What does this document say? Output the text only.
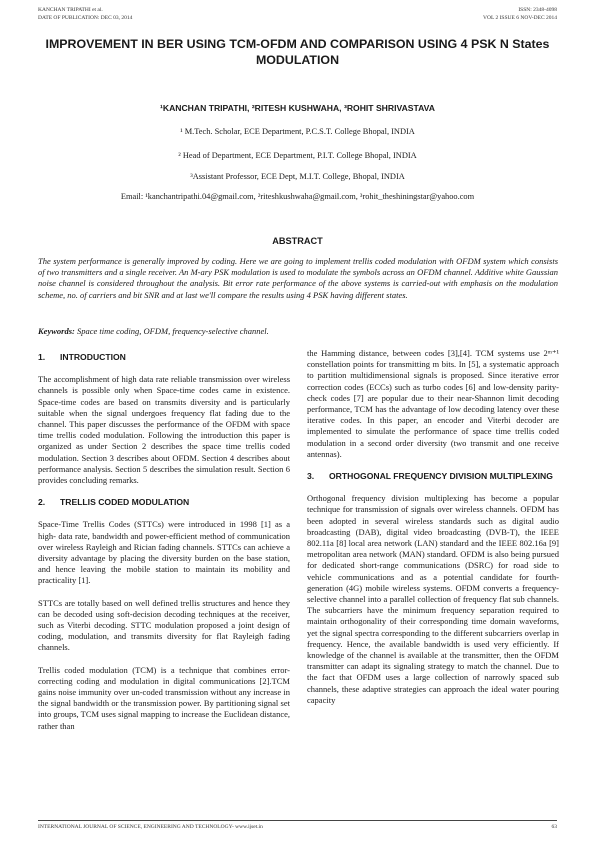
KANCHAN TRIPATHI et al.
DATE OF PUBLICATION: DEC 03, 2014
ISSN: 2348-4098
VOL 2 ISSUE 6 NOV-DEC 2014
IMPROVEMENT IN BER USING TCM-OFDM AND COMPARISON USING 4 PSK N States MODULATION
¹KANCHAN TRIPATHI, ²RITESH KUSHWAHA, ³ROHIT SHRIVASTAVA
¹ M.Tech. Scholar, ECE Department, P.C.S.T. College Bhopal, INDIA
² Head of Department, ECE Department, P.I.T. College Bhopal, INDIA
³Assistant Professor, ECE Dept, M.I.T. College, Bhopal, INDIA
Email: ¹kanchantripathi.04@gmail.com, ²riteshkushwaha@gmail.com, ³rohit_theshiningstar@yahoo.com
ABSTRACT
The system performance is generally improved by coding. Here we are going to implement trellis coded modulation with OFDM system which consists of two transmitters and a single receiver. An M-ary PSK modulation is used to modulate the symbols across an OFDM channel. Additive white Gaussian noise channel is considered throughout the analysis. Bit error rate performance of the above systems is carried-out with emphasis on the modulation scheme, no. of carriers and bit SNR and at last we'll compare the results using 4 PSK having different states.
Keywords: Space time coding, OFDM, frequency-selective channel.
1.	INTRODUCTION

The accomplishment of high data rate reliable transmission over wireless channels is possible only when Space-time codes came in existence. Space-time codes are based on transmits diversity and is particularly suitable when the signal undergoes frequency flat fading due to the channel. This paper discusses the performance of the OFDM with space time trellis coded modulation. Following the introduction this paper is organized as under Section 2 describes the space time trellis coded modulation. Section 3 describes about OFDM. Section 4 describes about performance analysis. Section 5 describes the simulation result. Section 6 provides concluding remarks.

2.	TRELLIS CODED MODULATION

Space-Time Trellis Codes (STTCs) were introduced in 1998 [1] as a high- data rate, bandwidth and power-efficient method of communication over wireless Rayleigh and Rician fading channels. STTCs can achieve a diversity advantage by placing the diversity burden on the base station, and hence leaving the mobile station to maintain its mobility and practicality [1].

STTCs are totally based on well defined trellis structures and hence they can be decoded using soft-decision decoding techniques at the receiver, such as Viterbi decoding. STTC modulation proposed a joint design of coding, modulation, and transmits diversity for flat Rayleigh fading channels.

Trellis coded modulation (TCM) is a technique that combines error-correcting coding and modulation in digital communications [2].TCM gains noise immunity over un-coded transmission without any increase in the signal bandwidth or the transmission power. By partitioning signal set into groups, TCM uses signal mapping to increase the Euclidean distance, rather than

the Hamming distance, between codes [3],[4]. TCM systems use 2ᵐ⁺¹ constellation points for transmitting m bits. In [5], a systematic approach to partition multidimensional signals is proposed. Since iterative error correction codes (ECCs) such as turbo codes [6] and low-density parity-check codes [7] are popular due to their near-Shannon limit decoding performance, TCM has the advantage of low decoding latency over these iterative codes. In this paper, an encoder and Viterbi decoder are implemented to simulate the performance of space time trellis coded modulation in a second order diversity (two transmit and one receive antennas).

3.	ORTHOGONAL FREQUENCY DIVISION MULTIPLEXING

Orthogonal frequency division multiplexing has become a popular technique for transmission of signals over wireless channels. OFDM has been adopted in several wireless standards such as digital audio broadcasting (DAB), digital video broadcasting (DVB-T), the IEEE 802.11a [8] local area network (LAN) standard and the IEEE 802.16a [9] metropolitan area network (MAN) standard. OFDM is also being pursued for dedicated short-range communications (DSRC) for road side to vehicle communications and as a potential candidate for fourth-generation (4G) mobile wireless systems. OFDM converts a frequency-selective channel into a parallel collection of frequency flat sub channels. The subcarriers have the minimum frequency separation required to maintain orthogonality of their corresponding time domain waveforms, yet the signal spectra corresponding to the different subcarriers overlap in frequency. Hence, the available bandwidth is used very efficiently. If knowledge of the channel is available at the transmitter, then the OFDM transmitter can adapt its signaling strategy to match the channel. Due to the fact that OFDM uses a large collection of narrowly spaced sub channels, these adaptive strategies can approach the ideal water pouring capacity

INTERNATIONAL JOURNAL OF SCIENCE, ENGINEERING AND TECHNOLOGY- www.ijset.in	63
